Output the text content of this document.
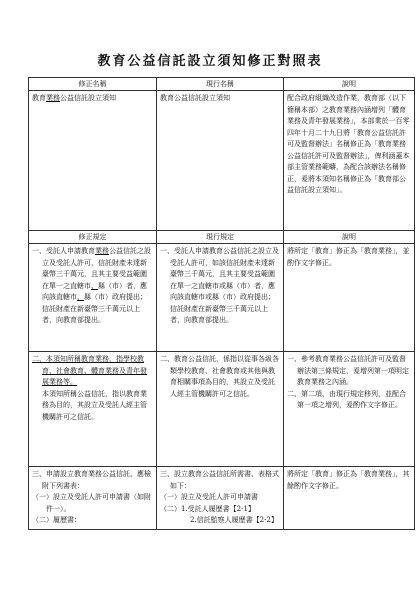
教育公益信託設立須知修正對照表
修正名稱	現行名稱	說明
教育業務公益信託設立須知	教育公益信託設立須知	配合政府組織改造作業，教育部（以下簡稱本部）之教育業務內涵增列「體育業務及青年發展業務」，本部業於一百零四年十月二十九日將「教育公益信託許可及監督辦法」名稱修正為「教育業務公益信託許可及監督辦法」，俾利涵蓋本部主管業務範疇，為配合該辦法名稱修正，爰將本須知名稱修正為「教育部公益信託設立須知」。
修正規定	現行規定	說明

一、受託人申請教育業務公益信託之設立及受託人許可，信託財產未達新臺幣三千萬元，且其主要受益範圍在單一之直轄市、縣（市）者，應向該直轄市、縣（市）政府提出；信託財產在新臺幣三千萬元以上者，向教育部提出。	一、受託人申請教育公益信託之設立及受託人許可，如該信託財產未達新臺幣三千萬元，且其主要受益範圍在單一之直轄市或縣（市）者，應向該直轄市或縣（市）政府提出；信託財產在新臺幣三千萬元以上者，向教育部提出。	將所定「教育」修正為「教育業務」，並酌作文字修正。

二、本須知所稱教育業務，指學校教育、社會教育、體育業務及青年發展業務等。
本須知所稱公益信託，指以教育業務為目的，其設立及受託人經主管機關許可之信託。	二、教育公益信託，係指以從事各級各類學校教育、社會教育或其他與教育相關事項為目的，其設立及受託人經主管機關許可之信託。	一、參考教育業務公益信託許可及監督辦法第三條規定，爰增列第一項明定教育業務之內涵。
二、第二項，由現行規定移列，並配合第一項之增列，爰酌作文字修正。

三、申請設立教育業務公益信託，應檢附下列書表：
（一）設立及受託人許可申請書（如附件一）。
（二）履歷書：	三、設立教育公益信託所需書、表格式如下：
（一）設立及受託人許可申請書
（二）1.受託人履歷書【2-1】
2.信託監察人履歷書【2-2】	將所定「教育」修正為「教育業務」，其餘酌作文字修正。
